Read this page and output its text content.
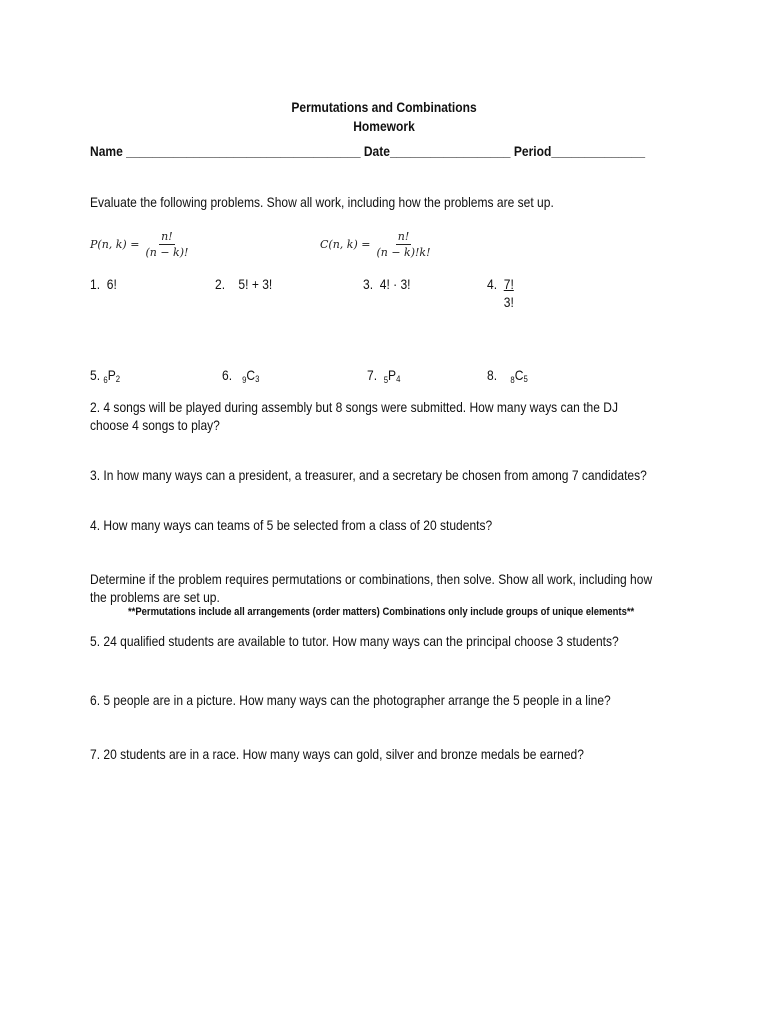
Permutations and Combinations
Homework
Name ___________________________________ Date__________________ Period______________
Evaluate the following problems. Show all work, including how the problems are set up.
P(n, $k) = \frac{n!}{(n - k)!}$	C(n, $k) = \frac{n!}{(n - k)!k!}$
1. 6!	2. 5! + 3!	3. 4! · 3!	4.
$\frac{7!}{3!}$
5. $_6P_2$	6. $_9C_3$	7. $_5P_4$	8. $_8C_5$
2. 4 songs will be played during assembly but 8 songs were submitted. How many ways can the DJ
choose 4 songs to play?
3. In how many ways can a president, a treasurer, and a secretary be chosen from among 7 candidates?
4. How many ways can teams of 5 be selected from a class of 20 students?
Determine if the problem requires permutations or combinations, then solve. Show all work, including how
the problems are set up.
**Permutations include all arrangements (order matters) Combinations only include groups of unique elements**
5. 24 qualified students are available to tutor. How many ways can the principal choose 3 students?
6. 5 people are in a picture. How many ways can the photographer arrange the 5 people in a line?
7. 20 students are in a race. How many ways can gold, silver and bronze medals be earned?
